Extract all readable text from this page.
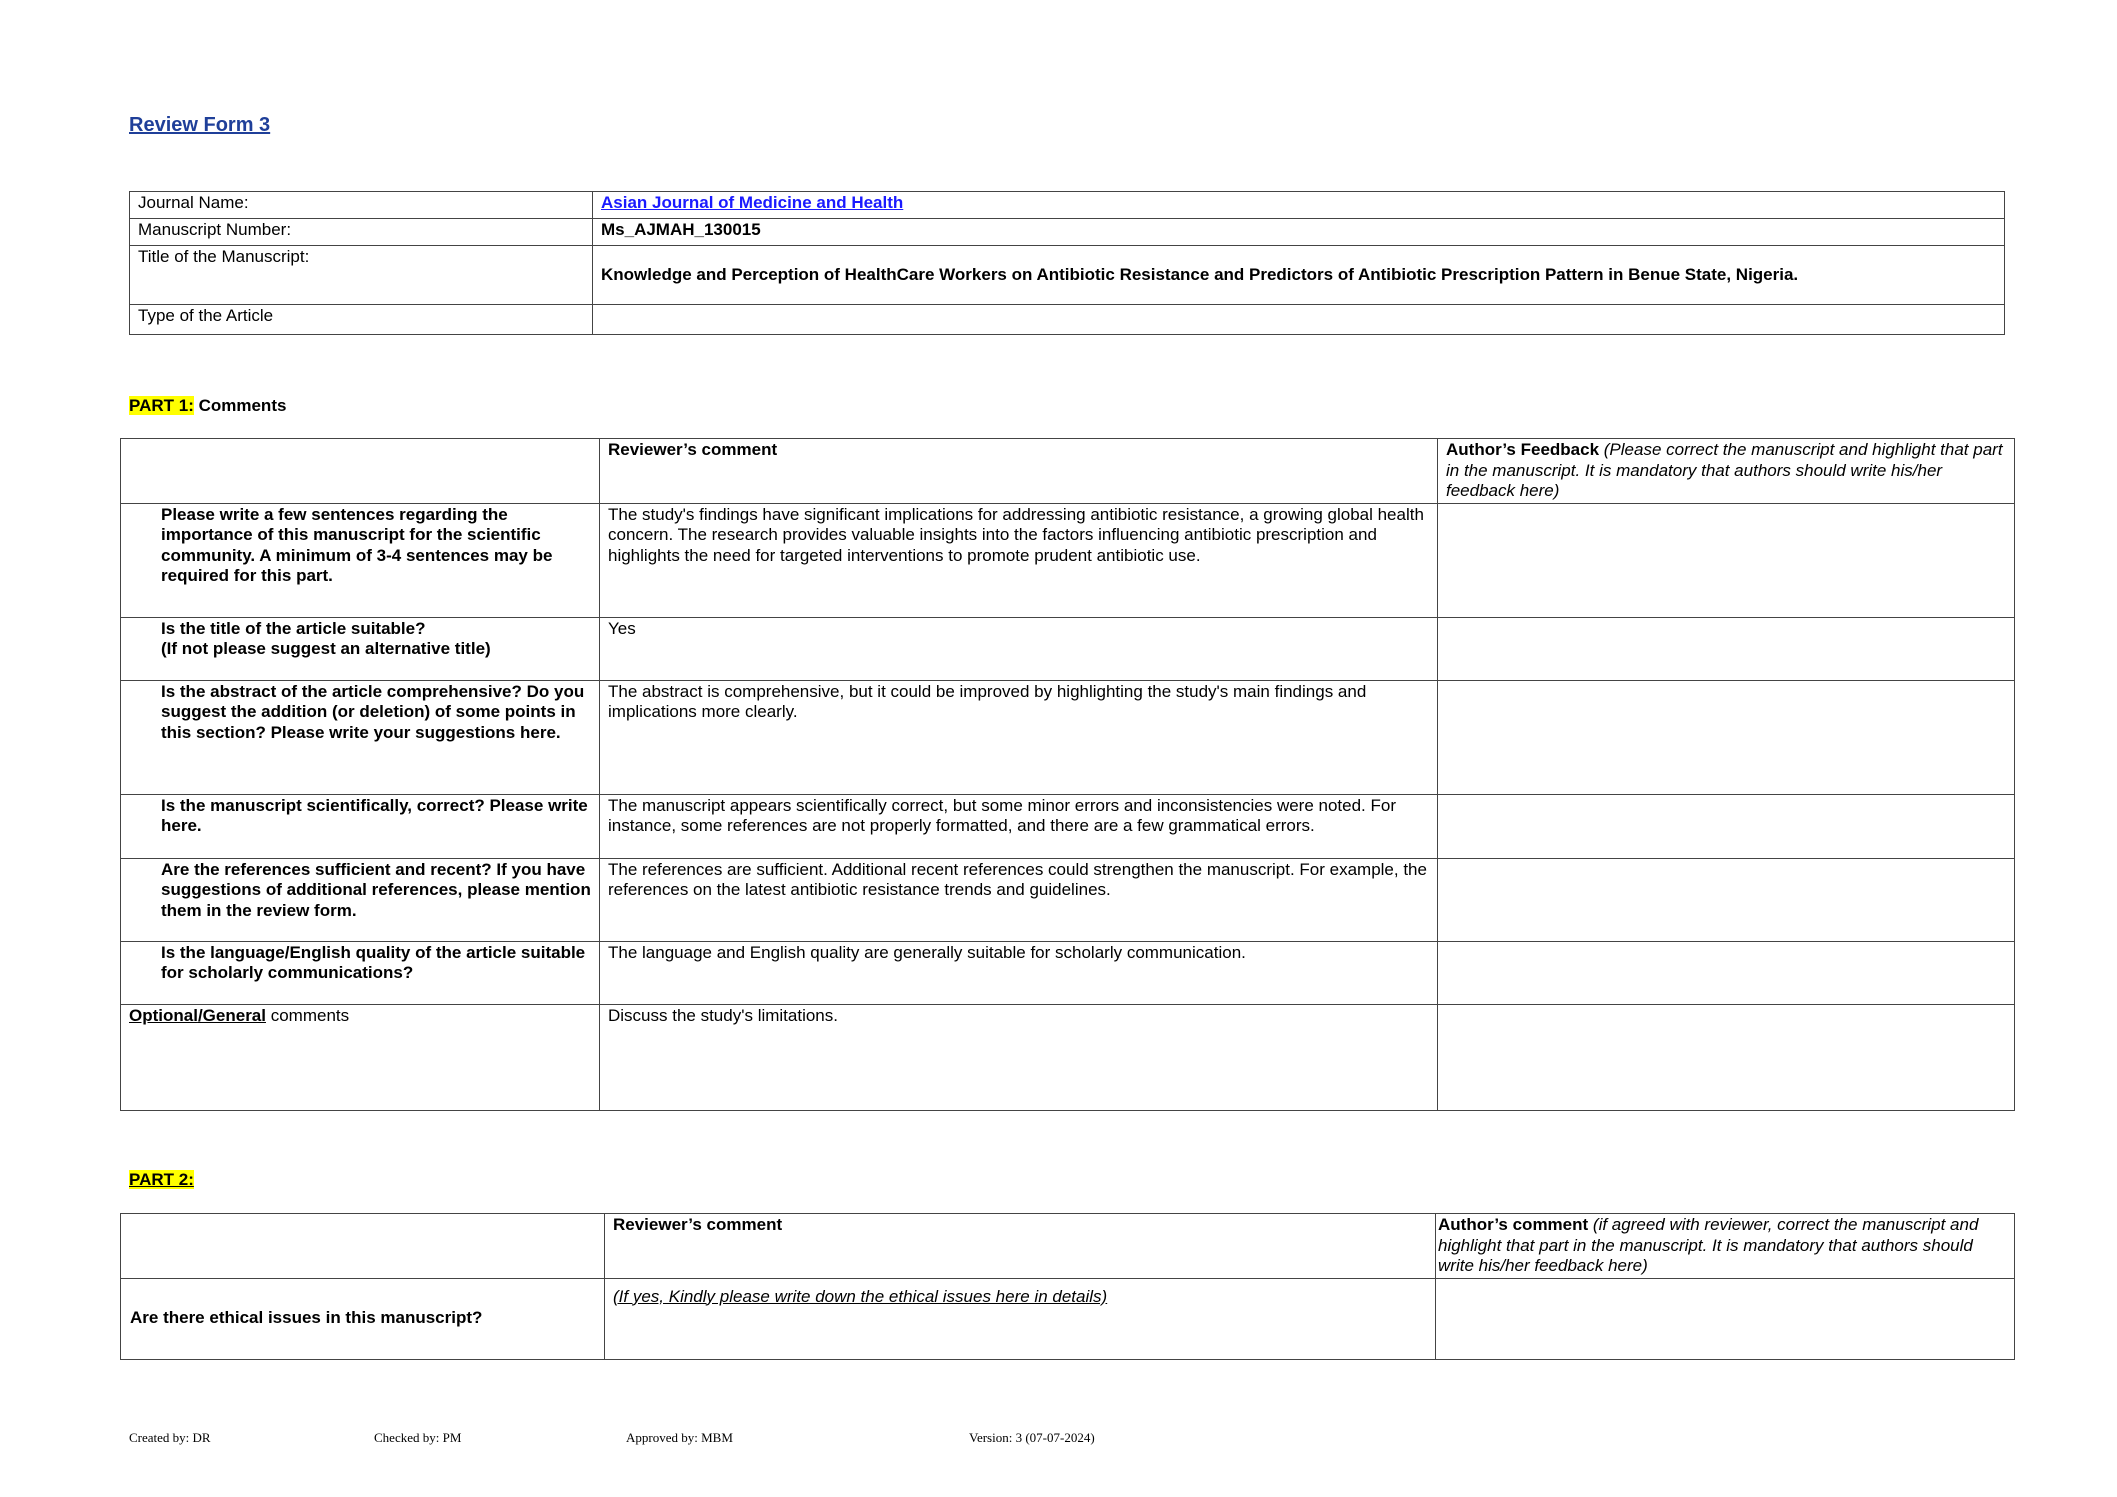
Review Form 3
Journal Name:	Asian Journal of Medicine and Health
Manuscript Number:	Ms_AJMAH_130015
Title of the Manuscript:	Knowledge and Perception of HealthCare Workers on Antibiotic Resistance and Predictors of Antibiotic Prescription Pattern in Benue State, Nigeria.
Type of the Article	
PART 1: Comments
	Reviewer’s comment	Author’s Feedback (Please correct the manuscript and highlight that part in the manuscript. It is mandatory that authors should write his/her feedback here)
Please write a few sentences regarding the importance of this manuscript for the scientific community. A minimum of 3-4 sentences may be required for this part.	The study's findings have significant implications for addressing antibiotic resistance, a growing global health concern. The research provides valuable insights into the factors influencing antibiotic prescription and highlights the need for targeted interventions to promote prudent antibiotic use.	
Is the title of the article suitable?
(If not please suggest an alternative title)	Yes	
Is the abstract of the article comprehensive? Do you suggest the addition (or deletion) of some points in this section? Please write your suggestions here.	The abstract is comprehensive, but it could be improved by highlighting the study's main findings and implications more clearly.	
Is the manuscript scientifically, correct? Please write here.	The manuscript appears scientifically correct, but some minor errors and inconsistencies were noted. For instance, some references are not properly formatted, and there are a few grammatical errors.	
Are the references sufficient and recent? If you have suggestions of additional references, please mention them in the review form.	The references are sufficient. Additional recent references could strengthen the manuscript. For example, the references on the latest antibiotic resistance trends and guidelines.	
Is the language/English quality of the article suitable for scholarly communications?	The language and English quality are generally suitable for scholarly communication.	
Optional/General comments	Discuss the study's limitations.	
PART 2:
	Reviewer’s comment	Author’s comment (if agreed with reviewer, correct the manuscript and highlight that part in the manuscript. It is mandatory that authors should write his/her feedback here)
Are there ethical issues in this manuscript?	(If yes, Kindly please write down the ethical issues here in details)	
Created by: DR	Checked by: PM	Approved by: MBM	Version: 3 (07-07-2024)
